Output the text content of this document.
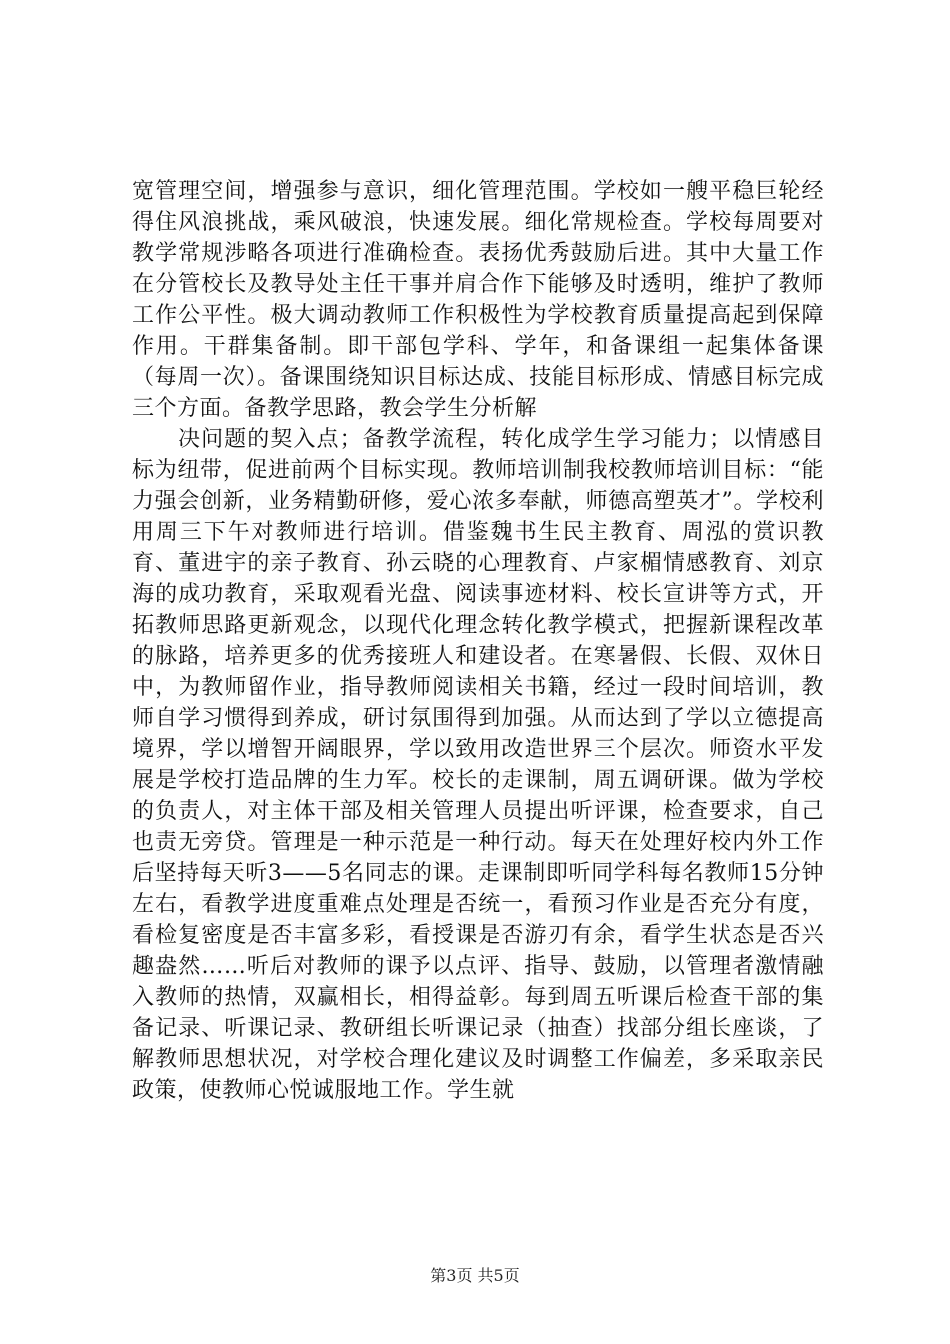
宽管理空间，增强参与意识，细化管理范围。学校如一艘平稳巨轮经得住风浪挑战，乘风破浪，快速发展。细化常规检查。学校每周要对教学常规涉略各项进行准确检查。表扬优秀鼓励后进。其中大量工作在分管校长及教导处主任干事并肩合作下能够及时透明，维护了教师工作公平性。极大调动教师工作积极性为学校教育质量提高起到保障作用。干群集备制。即干部包学科、学年，和备课组一起集体备课（每周一次）。备课围绕知识目标达成、技能目标形成、情感目标完成三个方面。备教学思路，教会学生分析解

决问题的契入点；备教学流程，转化成学生学习能力；以情感目标为纽带，促进前两个目标实现。教师培训制我校教师培训目标：“能力强会创新，业务精勤研修，爱心浓多奉献，师德高塑英才”。学校利用周三下午对教师进行培训。借鉴魏书生民主教育、周泓的赏识教育、董进宇的亲子教育、孙云晓的心理教育、卢家楣情感教育、刘京海的成功教育，采取观看光盘、阅读事迹材料、校长宣讲等方式，开拓教师思路更新观念，以现代化理念转化教学模式，把握新课程改革的脉路，培养更多的优秀接班人和建设者。在寒暑假、长假、双休日中，为教师留作业，指导教师阅读相关书籍，经过一段时间培训，教师自学习惯得到养成，研讨氛围得到加强。从而达到了学以立德提高境界，学以增智开阔眼界，学以致用改造世界三个层次。师资水平发展是学校打造品牌的生力军。校长的走课制，周五调研课。做为学校的负责人，对主体干部及相关管理人员提出听评课，检查要求，自己也责无旁贷。管理是一种示范是一种行动。每天在处理好校内外工作后坚持每天听3——5名同志的课。走课制即听同学科每名教师15分钟左右，看教学进度重难点处理是否统一，看预习作业是否充分有度，看检复密度是否丰富多彩，看授课是否游刃有余，看学生状态是否兴趣盎然……听后对教师的课予以点评、指导、鼓励，以管理者激情融入教师的热情，双赢相长，相得益彰。每到周五听课后检查干部的集备记录、听课记录、教研组长听课记录（抽查）找部分组长座谈，了解教师思想状况，对学校合理化建议及时调整工作偏差，多采取亲民政策，使教师心悦诚服地工作。学生就

第3页 共5页
